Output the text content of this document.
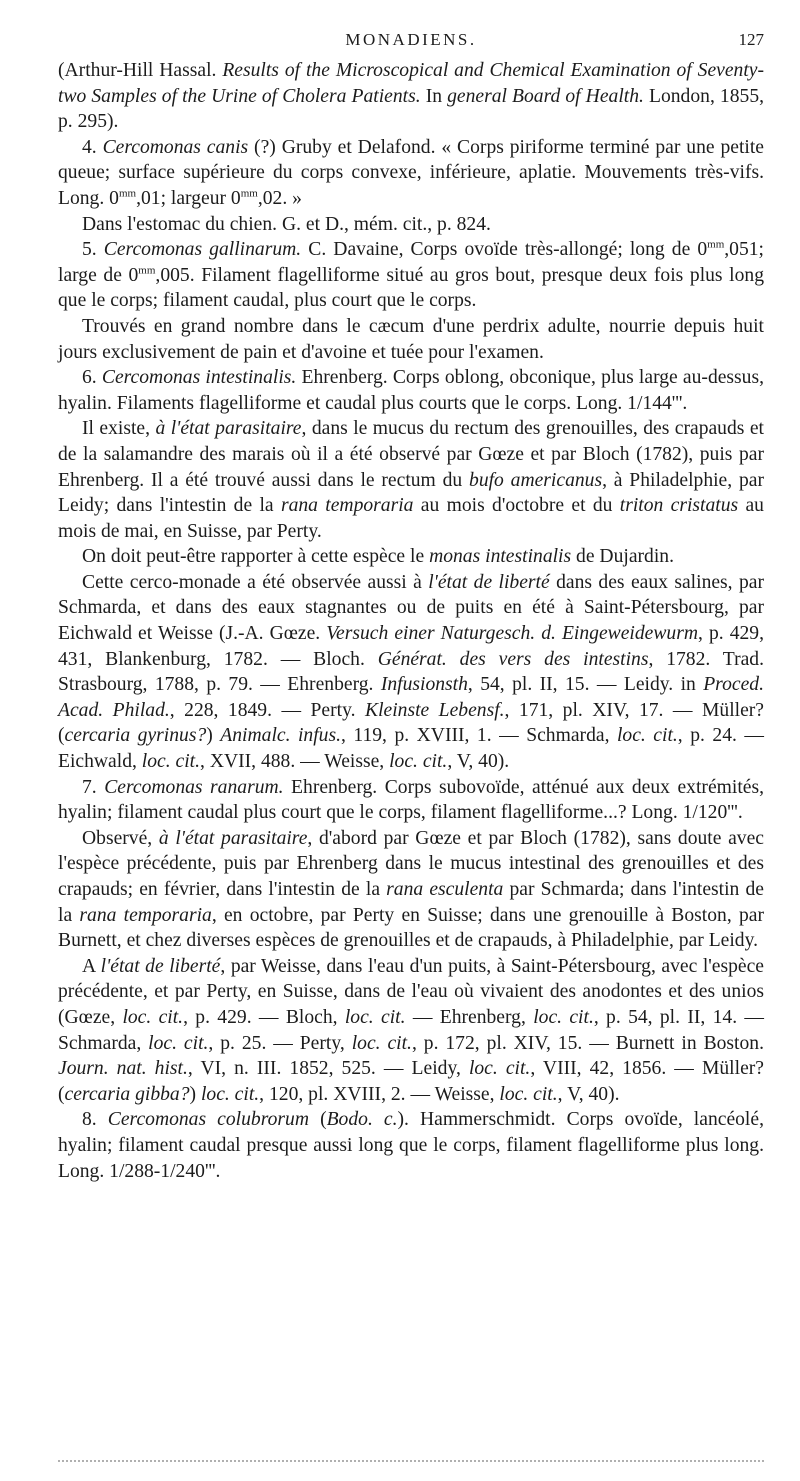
MONADIENS.	127

(Arthur-Hill Hassal. Results of the Microscopical and Chemical Examination of Seventy-two Samples of the Urine of Cholera Patients. In general Board of Health. London, 1855, p. 295).

4. Cercomonas canis (?) Gruby et Delafond. « Corps piriforme terminé par une petite queue; surface supérieure du corps convexe, inférieure, aplatie. Mouvements très-vifs. Long. $0^{mm},01$; largeur $0^{mm},02$. »

Dans l'estomac du chien. G. et D., mém. cit., p. 824.

5. Cercomonas gallinarum. C. Davaine, Corps ovoïde très-allongé; long de $0^{mm},051$; large de $0^{mm},005$. Filament flagelliforme situé au gros bout, presque deux fois plus long que le corps; filament caudal, plus court que le corps.

Trouvés en grand nombre dans le cæcum d'une perdrix adulte, nourrie depuis huit jours exclusivement de pain et d'avoine et tuée pour l'examen.

6. Cercomonas intestinalis. Ehrenberg. Corps oblong, obconique, plus large au-dessus, hyalin. Filaments flagelliforme et caudal plus courts que le corps. Long. 1/144'''.

Il existe, à l'état parasitaire, dans le mucus du rectum des grenouilles, des crapauds et de la salamandre des marais où il a été observé par Gœze et par Bloch (1782), puis par Ehrenberg. Il a été trouvé aussi dans le rectum du bufo americanus, à Philadelphie, par Leidy; dans l'intestin de la rana temporaria au mois d'octobre et du triton cristatus au mois de mai, en Suisse, par Perty.

On doit peut-être rapporter à cette espèce le monas intestinalis de Dujardin.

Cette cerco-monade a été observée aussi à l'état de liberté dans des eaux salines, par Schmarda, et dans des eaux stagnantes ou de puits en été à Saint-Pétersbourg, par Eichwald et Weisse (J.-A. Gœze. Versuch einer Naturgesch. d. Eingeweidewurm, p. 429, 431, Blankenburg, 1782. — Bloch. Générat. des vers des intestins, 1782. Trad. Strasbourg, 1788, p. 79. — Ehrenberg. Infusionsth, 54, pl. II, 15. — Leidy. in Proced. Acad. Philad., 228, 1849. — Perty. Kleinste Lebensf., 171, pl. XIV, 17. — Müller? (cercaria gyrinus?) Animalc. infus., 119, p. XVIII, 1. — Schmarda, loc. cit., p. 24. — Eichwald, loc. cit., XVII, 488. — Weisse, loc. cit., V, 40).

7. Cercomonas ranarum. Ehrenberg. Corps subovoïde, atténué aux deux extrémités, hyalin; filament caudal plus court que le corps, filament flagelliforme...? Long. 1/120'''.

Observé, à l'état parasitaire, d'abord par Gœze et par Bloch (1782), sans doute avec l'espèce précédente, puis par Ehrenberg dans le mucus intestinal des grenouilles et des crapauds; en février, dans l'intestin de la rana esculenta par Schmarda; dans l'intestin de la rana temporaria, en octobre, par Perty en Suisse; dans une grenouille à Boston, par Burnett, et chez diverses espèces de grenouilles et de crapauds, à Philadelphie, par Leidy.

A l'état de liberté, par Weisse, dans l'eau d'un puits, à Saint-Pétersbourg, avec l'espèce précédente, et par Perty, en Suisse, dans de l'eau où vivaient des anodontes et des unios (Gœze, loc. cit., p. 429. — Bloch, loc. cit. — Ehrenberg, loc. cit., p. 54, pl. II, 14. — Schmarda, loc. cit., p. 25. — Perty, loc. cit., p. 172, pl. XIV, 15. — Burnett in Boston. Journ. nat. hist., VI, n. III. 1852, 525. — Leidy, loc. cit., VIII, 42, 1856. — Müller? (cercaria gibba?) loc. cit., 120, pl. XVIII, 2. — Weisse, loc. cit., V, 40).

8. Cercomonas colubrorum (Bodo. c.). Hammerschmidt. Corps ovoïde, lancéolé, hyalin; filament caudal presque aussi long que le corps, filament flagelliforme plus long. Long. 1/288-1/240'''.
